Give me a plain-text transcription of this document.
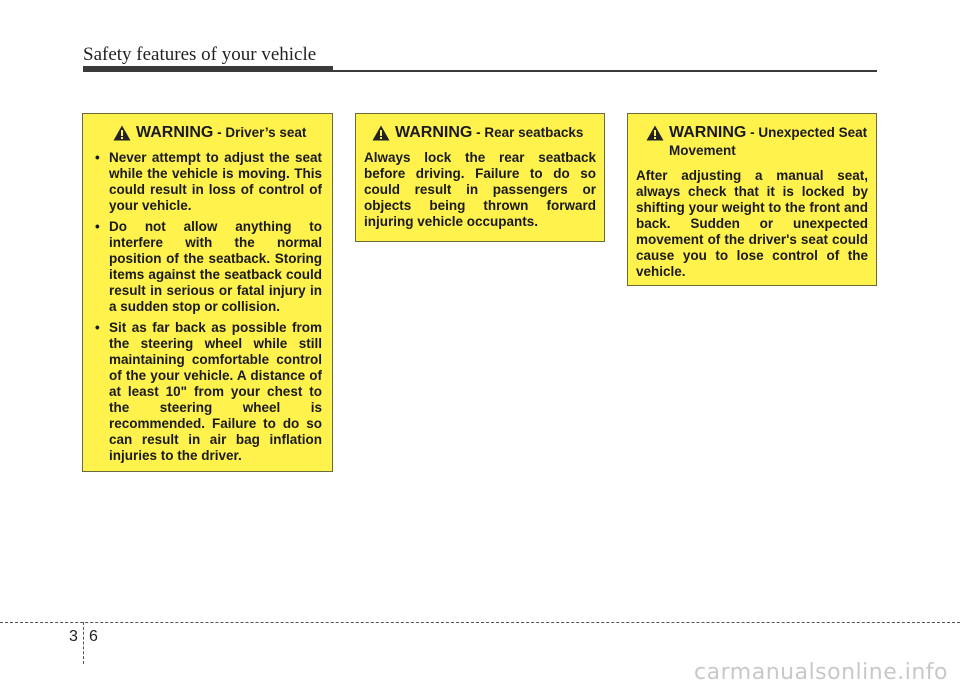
Safety features of your vehicle
WARNING - Driver’s seat
• Never attempt to adjust the seat while the vehicle is moving. This could result in loss of control of your vehicle.
• Do not allow anything to interfere with the normal position of the seatback. Storing items against the seatback could result in serious or fatal injury in a sudden stop or collision.
• Sit as far back as possible from the steering wheel while still maintaining comfortable control of the your vehicle. A distance of at least 10" from your chest to the steering wheel is recommended. Failure to do so can result in air bag inflation injuries to the driver.
WARNING - Rear seatbacks
Always lock the rear seatback before driving. Failure to do so could result in passengers or objects being thrown forward injuring vehicle occupants.
WARNING - Unexpected Seat Movement
After adjusting a manual seat, always check that it is locked by shifting your weight to the front and back. Sudden or unexpected movement of the driver's seat could cause you to lose control of the vehicle.
3 6
carmanualsonline.info
